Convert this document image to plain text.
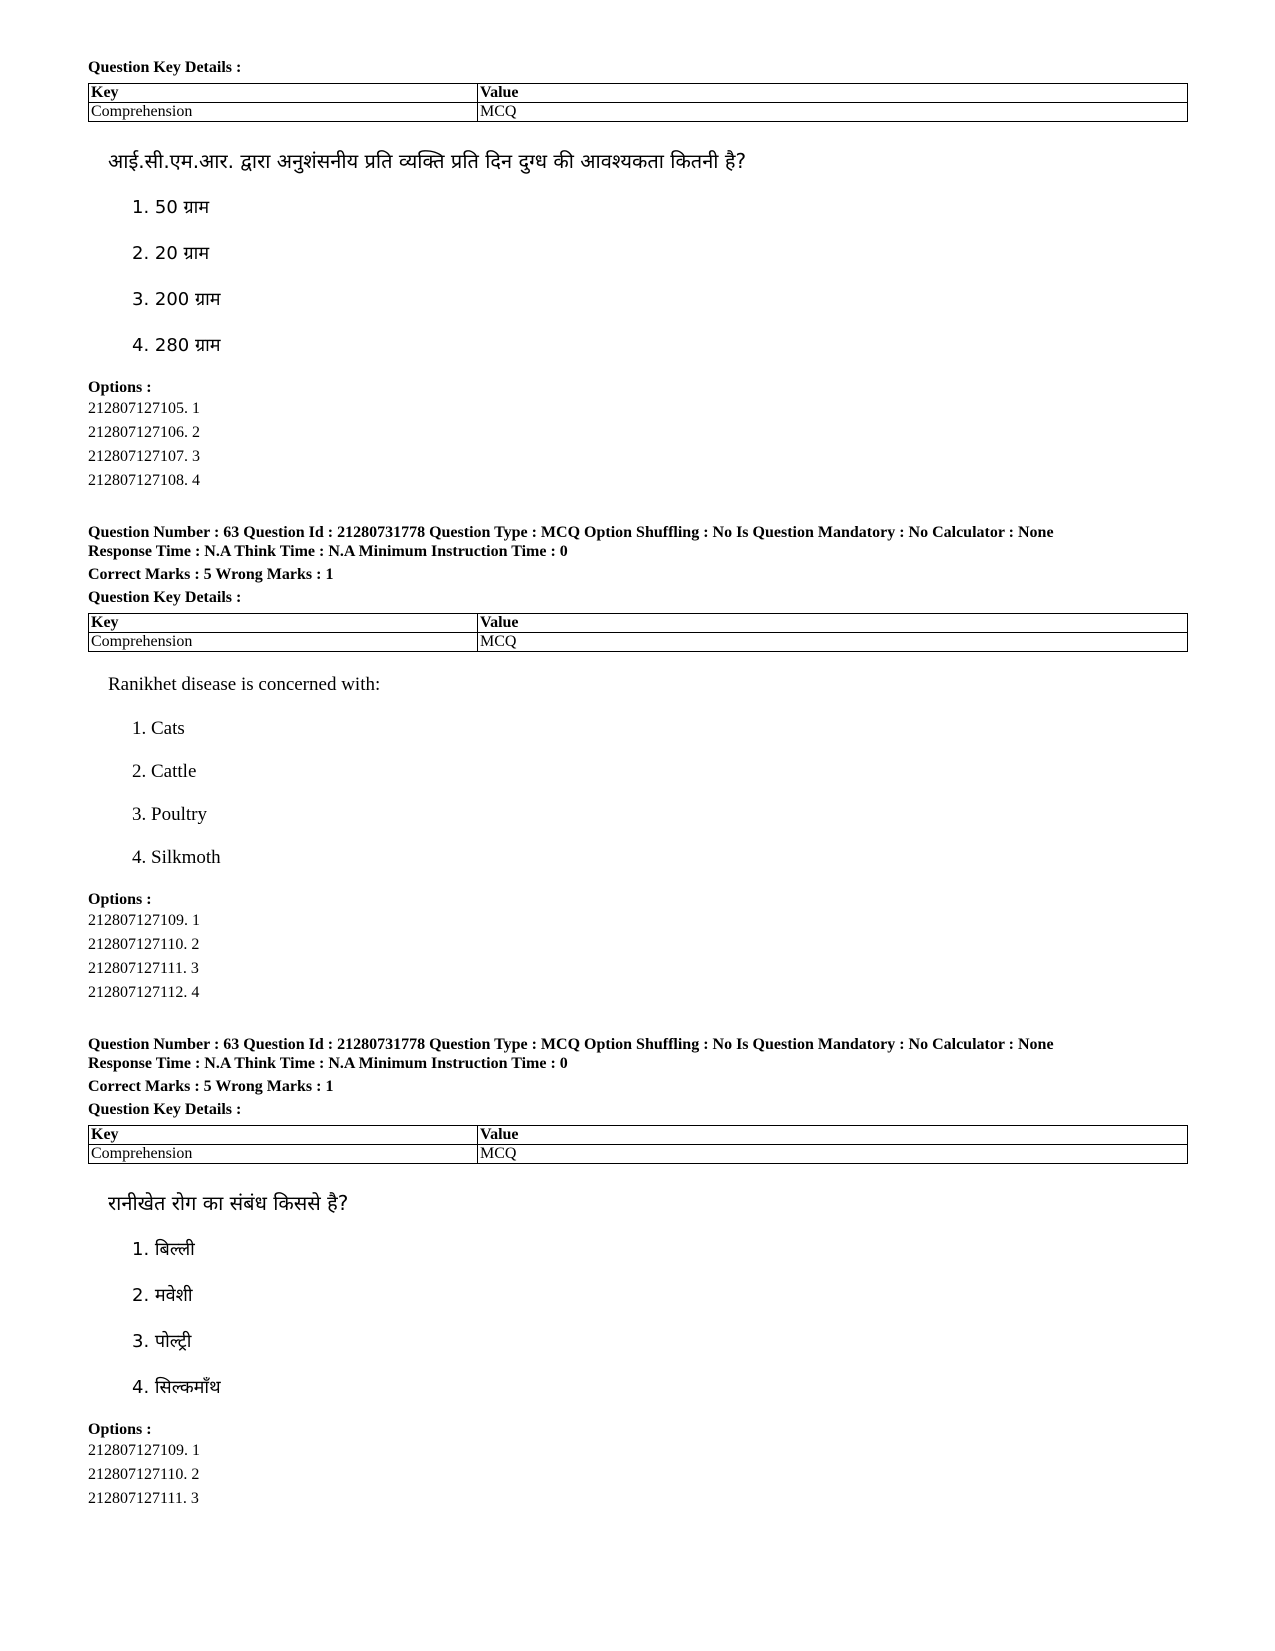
Question Key Details :
Key	Value
Comprehension	MCQ
आई.सी.एम.आर. द्वारा अनुशंसनीय प्रति व्यक्ति प्रति दिन दुग्ध की आवश्यकता कितनी है?
1. 50 ग्राम
2. 20 ग्राम
3. 200 ग्राम
4. 280 ग्राम
Options :
212807127105. 1
212807127106. 2
212807127107. 3
212807127108. 4
Question Number : 63 Question Id : 21280731778 Question Type : MCQ Option Shuffling : No Is Question Mandatory : No Calculator : None
Response Time : N.A Think Time : N.A Minimum Instruction Time : 0
Correct Marks : 5 Wrong Marks : 1
Question Key Details :
Key	Value
Comprehension	MCQ
Ranikhet disease is concerned with:
1. Cats
2. Cattle
3. Poultry
4. Silkmoth
Options :
212807127109. 1
212807127110. 2
212807127111. 3
212807127112. 4
Question Number : 63 Question Id : 21280731778 Question Type : MCQ Option Shuffling : No Is Question Mandatory : No Calculator : None
Response Time : N.A Think Time : N.A Minimum Instruction Time : 0
Correct Marks : 5 Wrong Marks : 1
Question Key Details :
Key	Value
Comprehension	MCQ
रानीखेत रोग का संबंध किससे है?
1. बिल्ली
2. मवेशी
3. पोल्ट्री
4. सिल्कमाँथ
Options :
212807127109. 1
212807127110. 2
212807127111. 3
